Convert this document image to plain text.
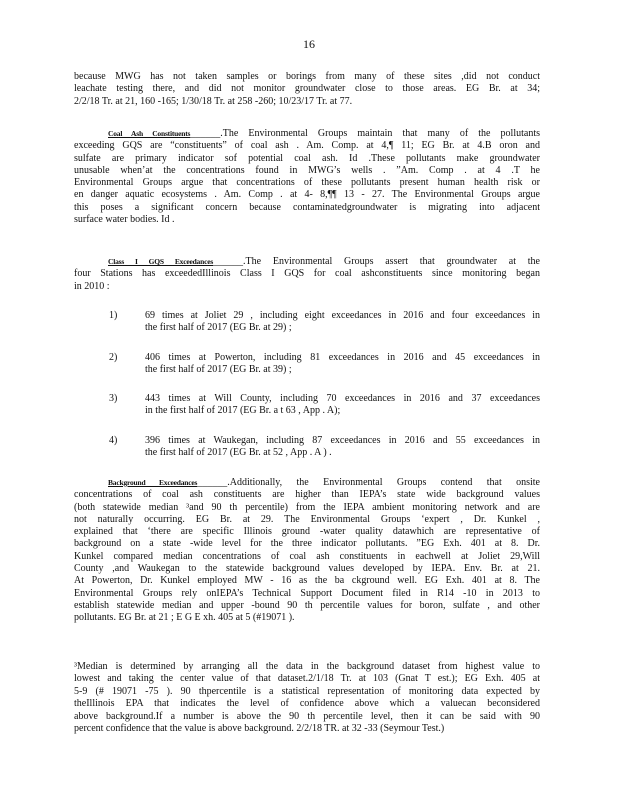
16

because MWG has not taken samples or borings from many of these sites ,did not conduct

leachate testing there, and did not monitor groundwater close to those areas. EG Br. at 34;

2/2/18 Tr. at 21, 160 -165; 1/30/18 Tr. at 258 -260; 10/23/17 Tr. at 77.

Coal Ash Constituents______.The Environmental Groups maintain that many of the pollutants

exceeding GQS are “constituents” of coal ash . Am. Comp. at 4,¶ 11; EG Br. at 4.B oron and

sulfate are primary indicator sof potential coal ash. Id .These pollutants make groundwater

unusable when’at the concentrations found in MWG’s wells . ”Am. Comp . at 4 .T he

Environmental Groups argue that concentrations of these pollutants present human health risk or

en danger aquatic ecosystems . Am. Comp . at 4- 8,¶¶ 13 - 27. The Environmental Groups argue

this poses a significant concern because contaminatedgroundwater is migrating into adjacent

surface water bodies. Id .

Class I GQS Exceedances______.The Environmental Groups assert that groundwater at the

four Stations has exceededIllinois Class I GQS for coal ashconstituents since monitoring began

in 2010 :

1)	69 times at Joliet 29 , including eight exceedances in 2016 and four exceedances in

the first half of 2017 (EG Br. at 29) ;

2)	406 times at Powerton, including 81 exceedances in 2016 and 45 exceedances in

the first half of 2017 (EG Br. at 39) ;

3)	443 times at Will County, including 70 exceedances in 2016 and 37 exceedances

in the first half of 2017 (EG Br. a t 63 , App . A);

4)	396 times at Waukegan, including 87 exceedances in 2016 and 55 exceedances in

the first half of 2017 (EG Br. at 52 , App . A ) .

Background Exceedances______.Additionally, the Environmental Groups contend that onsite

concentrations of coal ash constituents are higher than IEPA’s state wide background values

(both statewide median ³and 90 th percentile) from the IEPA ambient monitoring network and are

not naturally occurring. EG Br. at 29. The Environmental Groups ‘expert , Dr. Kunkel ,

explained that ‘there are specific Illinois ground -water quality datawhich are representative of

background on a state -wide level for the three indicator pollutants. ”EG Exh. 401 at 8. Dr.

Kunkel compared median concentrations of coal ash constituents in eachwell at Joliet 29,Will

County ,and Waukegan to the statewide background values developed by IEPA. Env. Br. at 21.

At Powerton, Dr. Kunkel employed MW - 16 as the ba ckground well. EG Exh. 401 at 8. The

Environmental Groups rely onIEPA’s Technical Support Document filed in R14 -10 in 2013 to

establish statewide median and upper -bound 90 th percentile values for boron, sulfate , and other

pollutants. EG Br. at 21 ; E G E xh. 405 at 5 (#19071 ).

³Median is determined by arranging all the data in the background dataset from highest value to

lowest and taking the center value of that dataset.2/1/18 Tr. at 103 (Gnat T est.); EG Exh. 405 at

5-9 (# 19071 -75 ). 90 thpercentile is a statistical representation of monitoring data expected by

theIllinois EPA that indicates the level of confidence above which a valuecan beconsidered

above background.If a number is above the 90 th percentile level, then it can be said with 90

percent confidence that the value is above background. 2/2/18 TR. at 32 -33 (Seymour Test.)
